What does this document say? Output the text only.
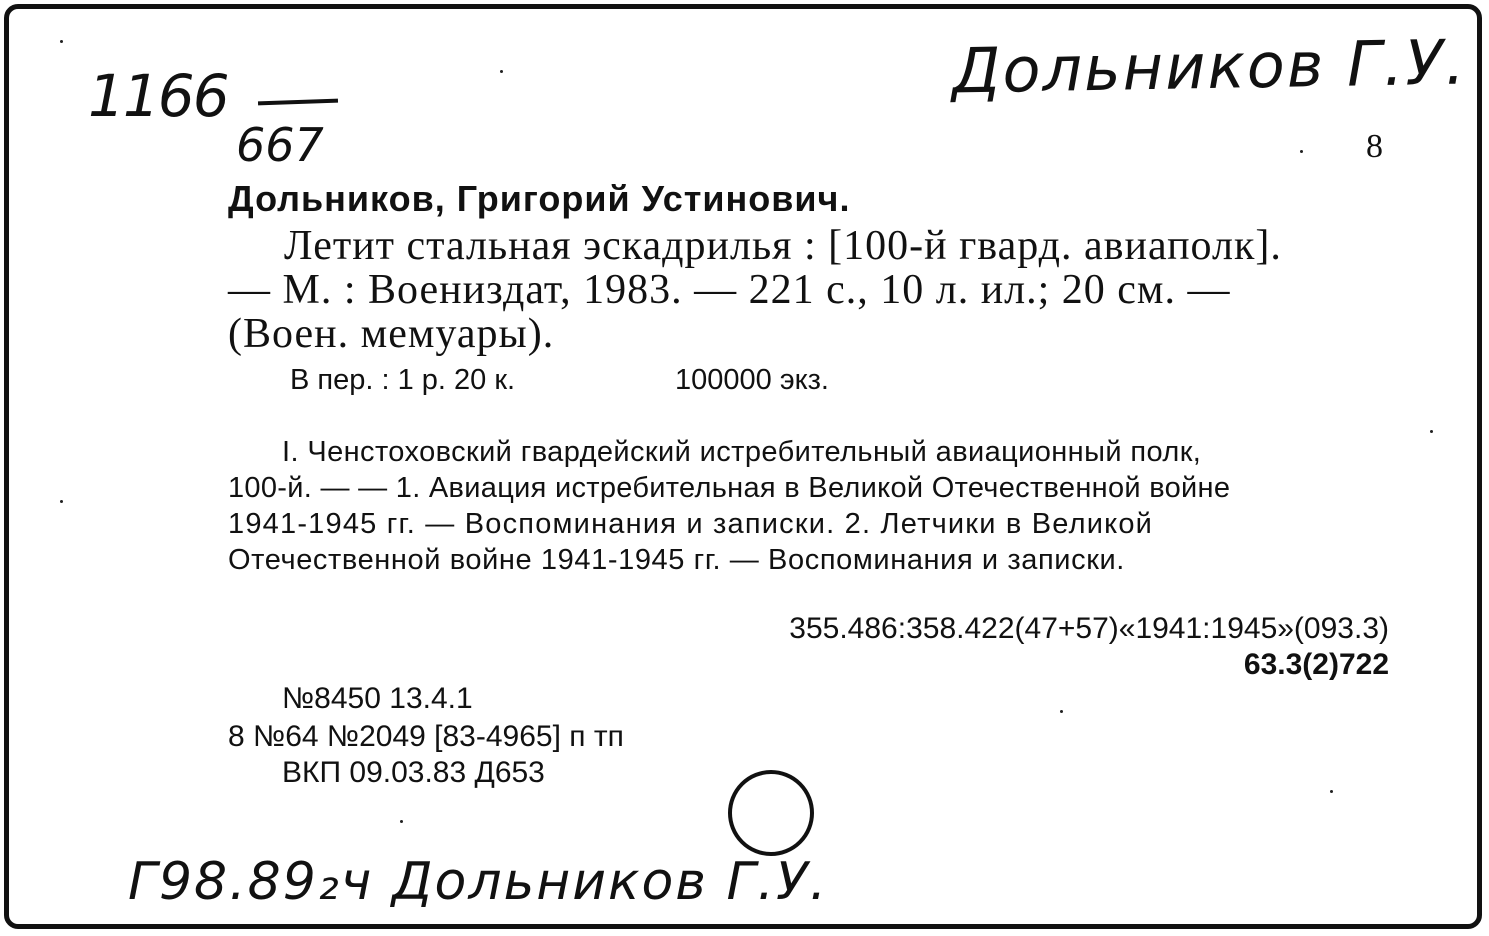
1166
667
Дольников Г.У.
8
Дольников, Григорий Устинович.
Летит стальная эскадрилья : [100-й гвард. авиаполк].
— М. : Воениздат, 1983. — 221 с., 10 л. ил.; 20 см. —
(Воен. мемуары).
В пер. : 1 р. 20 к.	100000 экз.
I. Ченстоховский гвардейский истребительный авиационный полк,
100-й. — — 1. Авиация истребительная в Великой Отечественной войне
1941-1945 гг. — Воспоминания и записки. 2. Летчики в Великой
Отечественной войне 1941-1945 гг. — Воспоминания и записки.
355.486:358.422(47+57)«1941:1945»(093.3)
63.3(2)722
№8450 13.4.1
8 №64 №2049 [83-4965] п тп
ВКП 09.03.83 Д653
Г98.89₂ч Дольников Г.У.
